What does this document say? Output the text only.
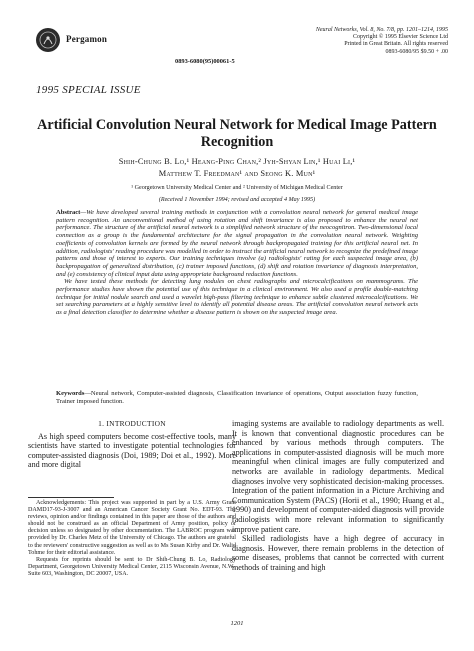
Pergamon
Neural Networks, Vol. 8, No. 7/8, pp. 1201–1214, 1995
Copyright © 1995 Elsevier Science Ltd
Printed in Great Britain. All rights reserved
0893-6080/95 $9.50 + .00
0893-6080(95)00061-5
1995 SPECIAL ISSUE
Artificial Convolution Neural Network for Medical Image Pattern Recognition
Shih-Chung B. Lo,¹ Heang-Ping Chan,² Jyh-Shyan Lin,¹ Huai Li,¹
Matthew T. Freedman¹ and Seong K. Mun¹
¹ Georgetown University Medical Center and ² University of Michigan Medical Center
(Received 1 November 1994; revised and accepted 4 May 1995)

Abstract—We have developed several training methods in conjunction with a convolution neural network for general medical image pattern recognition. An unconventional method of using rotation and shift invariance is also proposed to enhance the neural net performance. The structure of the artificial neural network is a simplified network structure of the neocognitron. Two-dimensional local connection as a group is the fundamental architecture for the signal propagation in the convolution neural network. Weighting coefficients of convolution kernels are formed by the neural network through backpropagated training for this artificial neural net. In addition, radiologists' reading procedure was modelled in order to instruct the artificial neural network to recognize the predefined image patterns and those of interest to experts. Our training techniques involve (a) radiologists' rating for each suspected image area, (b) backpropagation of generalized distribution, (c) trainer imposed functions, (d) shift and rotation invariance of diagnosis interpretation, and (e) consistency of clinical input data using appropriate background reduction functions.

We have tested these methods for detecting lung nodules on chest radiographs and microcalcifications on mammograms. The performance studies have shown the potential use of this technique in a clinical environment. We also used a profile double-matching technique for initial nodule search and used a wavelet high-pass filtering technique to enhance subtle clustered microcalcifications. We set searching parameters at a highly sensitive level to identify all potential disease areas. The artificial convolution neural network acts as a final detection classifier to determine whether a disease pattern is shown on the suspected image area.

Keywords—Neural network, Computer-assisted diagnosis, Classification invariance of operations, Output association fuzzy function, Trainer imposed function.
1. INTRODUCTION

As high speed computers become cost-effective tools, many scientists have started to investigate potential technologies for computer-assisted diagnosis (Doi, 1989; Doi et al., 1992). More and more digital

Acknowledgements: This project was supported in part by a U.S. Army Grant DAMD17-93-J-3007 and an American Cancer Society Grant No. EDT-93. The reviews, opinion and/or findings contained in this paper are those of the authors and should not be construed as an official Department of Army position, policy or decision unless so designated by other documentation. The LABROC program was provided by Dr. Charles Metz of the University of Chicago. The authors are grateful to the reviewers' constructive suggestion as well as to Ms Susan Kirby and Dr. Walid Tohme for their editorial assistance.

Requests for reprints should be sent to Dr Shih-Chung B. Lo, Radiology Department, Georgetown University Medical Center, 2115 Wisconsin Avenue, N.W., Suite 603, Washington, DC 20007, USA.

imaging systems are available to radiology departments as well. It is known that conventional diagnostic procedures can be enhanced by various methods through computers. The applications in computer-assisted diagnosis will be much more meaningful when clinical images are fully computerized and networks are available in radiology departments. Medical diagnoses involve very sophisticated decision-making processes. Integration of the patient information in a Picture Archiving and Communication System (PACS) (Horii et al., 1990; Huang et al., 1990) and development of computer-aided diagnosis will provide radiologists with more relevant information to significantly improve patient care.

Skilled radiologists have a high degree of accuracy in diagnosis. However, there remain problems in the detection of some diseases, problems that cannot be corrected with current methods of training and high

1201
